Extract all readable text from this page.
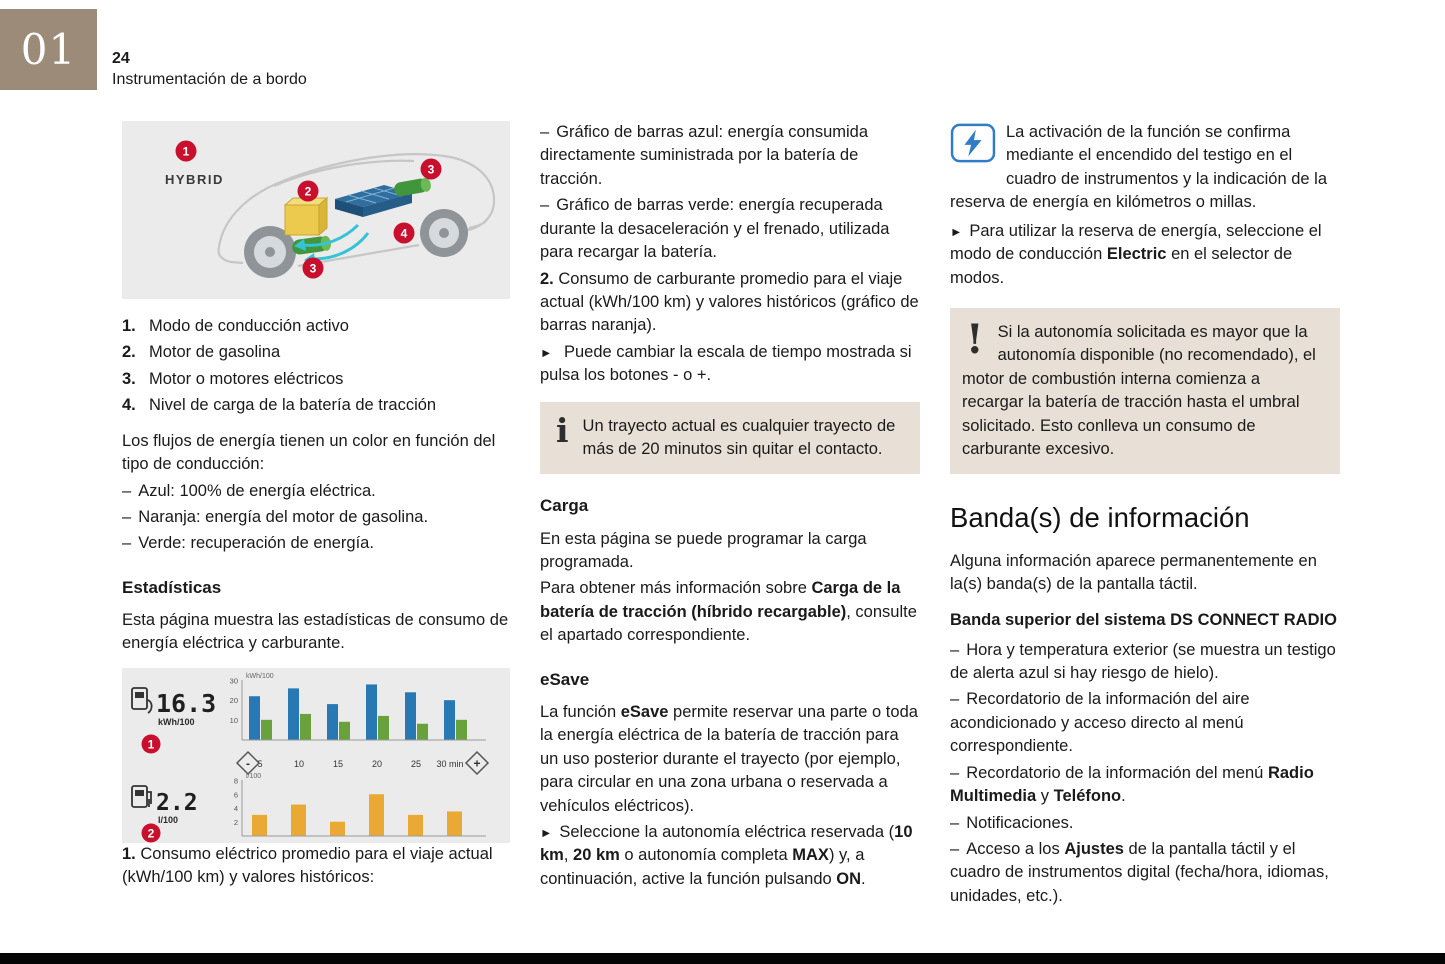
01 24
Instrumentación de a bordo
HYBRID
1
2
3
4
3
1. Modo de conducción activo
2. Motor de gasolina
3. Motor o motores eléctricos
4. Nivel de carga de la batería de tracción

Los flujos de energía tienen un color en función del tipo de conducción:

– Azul: 100% de energía eléctrica.

– Naranja: energía del motor de gasolina.

– Verde: recuperación de energía.

Estadísticas

Esta página muestra las estadísticas de consumo de energía eléctrica y carburante.

16.3
kWh/100
1
2.2
l/100
2
10
20
30 kWh/100
5	10	15	20	25 30 min
-	+
2
4
6
8 l/100

1. Consumo eléctrico promedio para el viaje actual (kWh/100 km) y valores históricos:

– Gráfico de barras azul: energía consumida directamente suministrada por la batería de tracción.

– Gráfico de barras verde: energía recuperada durante la desaceleración y el frenado, utilizada para recargar la batería.

2. Consumo de carburante promedio para el viaje actual (kWh/100 km) y valores históricos (gráfico de barras naranja).

► Puede cambiar la escala de tiempo mostrada si pulsa los botones - o +.

i Un trayecto actual es cualquier trayecto de más de 20 minutos sin quitar el contacto.
Carga

En esta página se puede programar la carga programada.

Para obtener más información sobre Carga de la batería de tracción (híbrido recargable), consulte el apartado correspondiente.

eSave

La función eSave permite reservar una parte o toda la energía eléctrica de la batería de tracción para un uso posterior durante el trayecto (por ejemplo, para circular en una zona urbana o reservada a vehículos eléctricos).

► Seleccione la autonomía eléctrica reservada (10 km, 20 km o autonomía completa MAX) y, a continuación, active la función pulsando ON.

La activación de la función se confirma mediante el encendido del testigo en el cuadro de instrumentos y la indicación de la reserva de energía en kilómetros o millas.

► Para utilizar la reserva de energía, seleccione el modo de conducción Electric en el selector de modos.

! Si la autonomía solicitada es mayor que la autonomía disponible (no recomendado), el motor de combustión interna comienza a recargar la batería de tracción hasta el umbral solicitado. Esto conlleva un consumo de carburante excesivo.
Banda(s) de información

Alguna información aparece permanentemente en la(s) banda(s) de la pantalla táctil.

Banda superior del sistema DS CONNECT RADIO

– Hora y temperatura exterior (se muestra un testigo de alerta azul si hay riesgo de hielo).

– Recordatorio de la información del aire acondicionado y acceso directo al menú correspondiente.

– Recordatorio de la información del menú Radio Multimedia y Teléfono.

– Notificaciones.

– Acceso a los Ajustes de la pantalla táctil y el cuadro de instrumentos digital (fecha/hora, idiomas, unidades, etc.).
